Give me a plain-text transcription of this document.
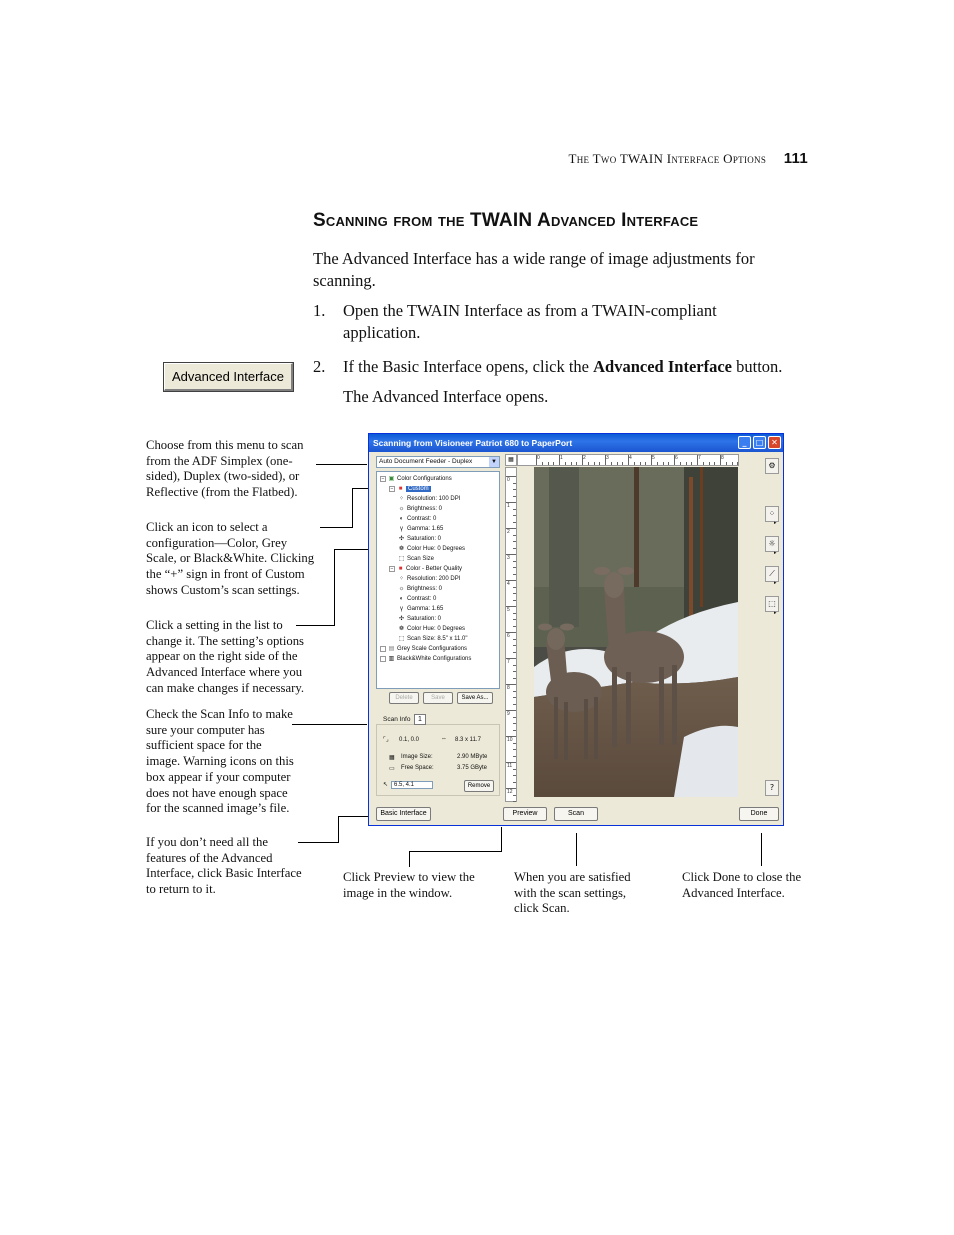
The Two TWAIN Interface Options 111
Scanning from the TWAIN Advanced Interface
The Advanced Interface has a wide range of image adjustments for scanning.
1. Open the TWAIN Interface as from a TWAIN-compliant application.
2. If the Basic Interface opens, click the Advanced Interface button.
The Advanced Interface opens.
Advanced Interface
Choose from this menu to scan from the ADF Simplex (one-sided), Duplex (two-sided), or Reflective (from the Flatbed).
Click an icon to select a configuration—Color, Grey Scale, or Black&White. Clicking the “+” sign in front of Custom shows Custom’s scan settings.
Click a setting in the list to change it. The setting’s options appear on the right side of the Advanced Interface where you can make changes if necessary.
Check the Scan Info to make sure your computer has sufficient space for the image. Warning icons on this box appear if your computer does not have enough space for the scanned image’s file.
If you don’t need all the features of the Advanced Interface, click Basic Interface to return to it.
Click Preview to view the image in the window.
When you are satisfied with the scan settings, click Scan.
Click Done to close the Advanced Interface.
Scanning from Visioneer Patriot 680 to PaperPort	_	□ ✕
Auto Document Feeder - Duplex	▼
− ▣ Color Configurations
− ■ Custom
⁘ Resolution: 100 DPI
☼ Brightness: 0
◐ Contrast: 0
γ Gamma: 1.65
✣ Saturation: 0
❁ Color Hue: 0 Degrees
⬚ Scan Size
− ■ Color - Better Quality
⁘ Resolution: 200 DPI
☼ Brightness: 0
◐ Contrast: 0
γ Gamma: 1.65
✣ Saturation: 0
❁ Color Hue: 0 Degrees
⬚ Scan Size: 8.5" x 11.0"
▤ Grey Scale Configurations
▥ Black&White Configurations
Delete	Save	Save As...
Scan Info	1
⌜⌟ 0.1, 0.0	⇔ 8.3 x 11.7
▦ Image Size:	2.90 MByte
▭ Free Space:	3.75 GByte
↖ 6.5, 4.1	Remove
0	1	2	3	4	5	6	7	8
0
1
2
3
4
5
6
7
8
9
10
11
12
▦
⚙
⁘
▸
☼
▸
⟋
▸
⬚
▸
?
Basic Interface	Preview	Scan	Done
